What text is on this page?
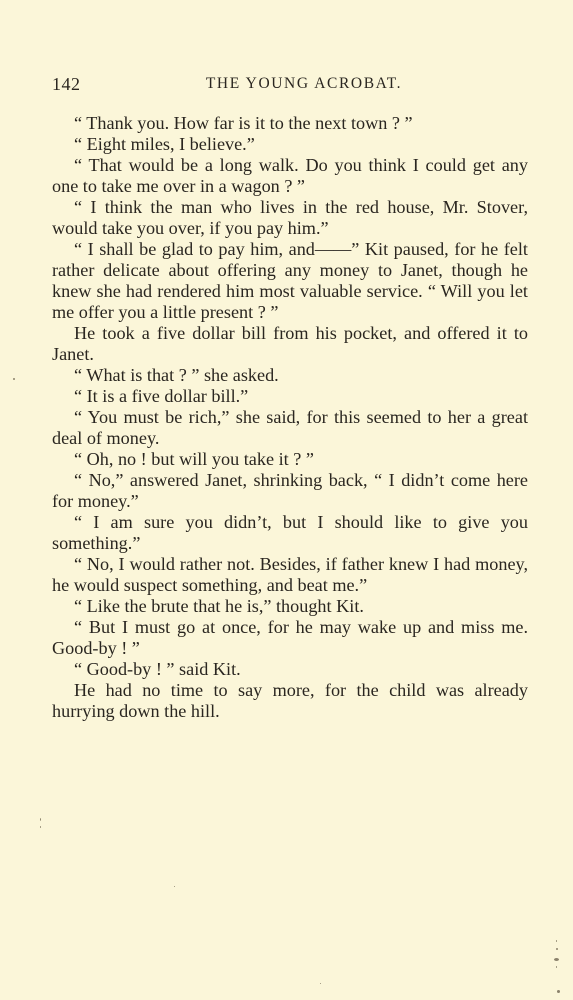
142	THE YOUNG ACROBAT.

“ Thank you. How far is it to the next town ? ”

“ Eight miles, I believe.”

“ That would be a long walk. Do you think I could get any one to take me over in a wagon ? ”

“ I think the man who lives in the red house, Mr. Stover, would take you over, if you pay him.”

“ I shall be glad to pay him, and——” Kit paused, for he felt rather delicate about offering any money to Janet, though he knew she had rendered him most valuable service. “ Will you let me offer you a little present ? ”

He took a five dollar bill from his pocket, and offered it to Janet.

“ What is that ? ” she asked.

“ It is a five dollar bill.”

“ You must be rich,” she said, for this seemed to her a great deal of money.

“ Oh, no ! but will you take it ? ”

“ No,” answered Janet, shrinking back, “ I didn’t come here for money.”

“ I am sure you didn’t, but I should like to give you something.”

“ No, I would rather not. Besides, if father knew I had money, he would suspect something, and beat me.”

“ Like the brute that he is,” thought Kit.

“ But I must go at once, for he may wake up and miss me. Good-by ! ”

“ Good-by ! ” said Kit.

He had no time to say more, for the child was already hurrying down the hill.
